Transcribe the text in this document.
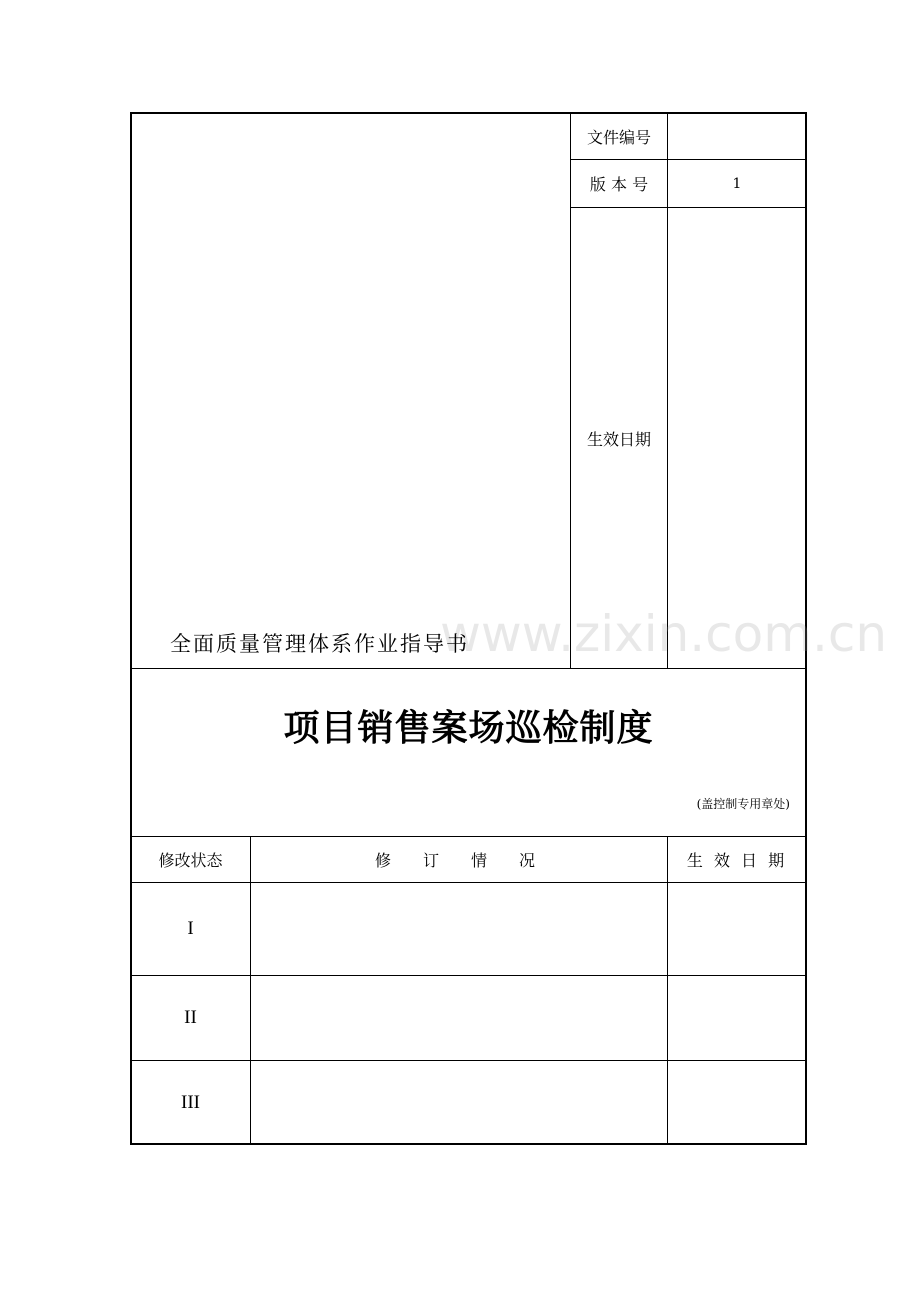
文件编号
版 本 号	1
生效日期
www.zixin.com.cn
全面质量管理体系作业指导书
项目销售案场巡检制度
(盖控制专用章处)
修改状态	修　订　情　况	生 效 日 期
I
II
III
